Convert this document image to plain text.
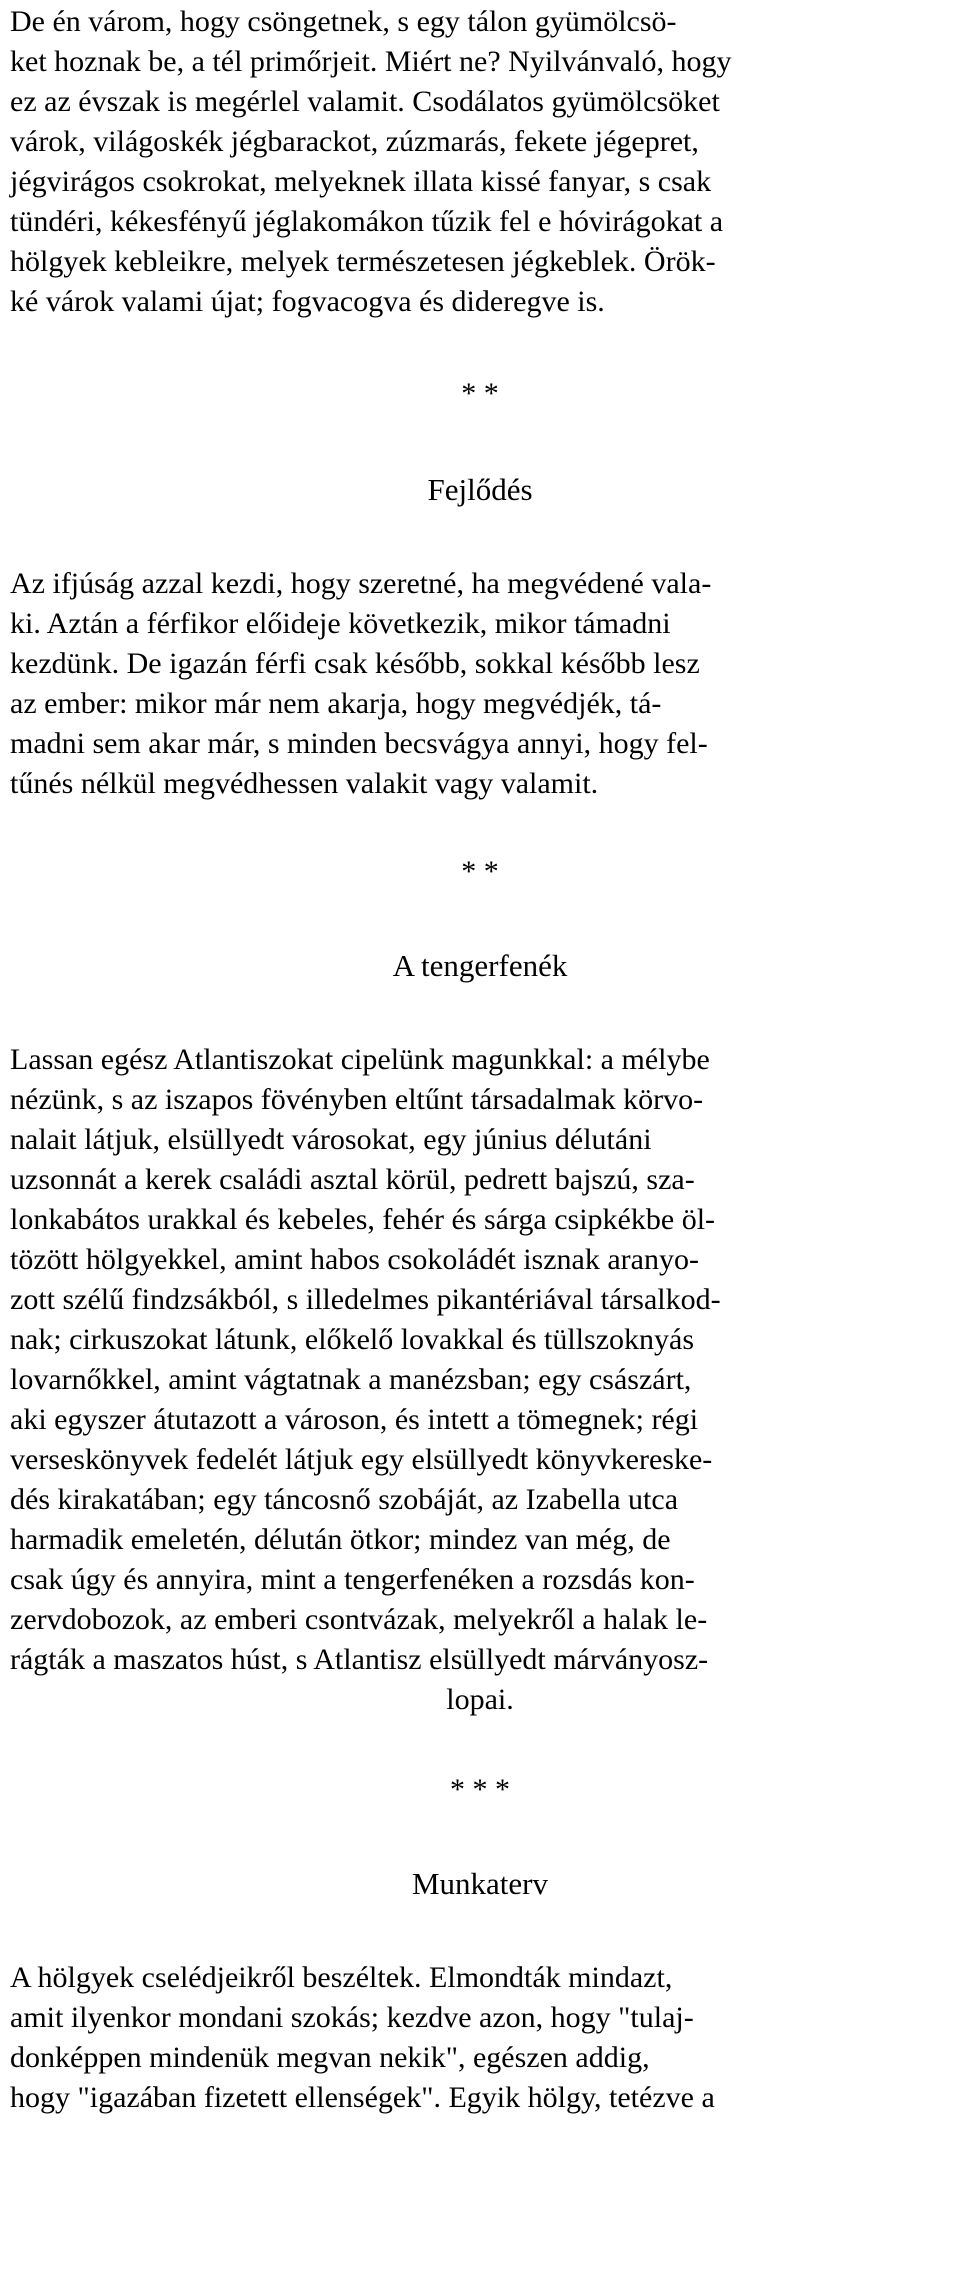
De én várom, hogy csöngetnek, s egy tálon gyümölcsö-

ket hoznak be, a tél primőrjeit. Miért ne? Nyilvánvaló, hogy

ez az évszak is megérlel valamit. Csodálatos gyümölcsöket

várok, világoskék jégbarackot, zúzmarás, fekete jégepret,

jégvirágos csokrokat, melyeknek illata kissé fanyar, s csak

tündéri, kékesfényű jéglakomákon tűzik fel e hóvirágokat a

hölgyek kebleikre, melyek természetesen jégkeblek. Örök-

ké várok valami újat; fogvacogva és dideregve is.

* *
Fejlődés

Az ifjúság azzal kezdi, hogy szeretné, ha megvédené vala-

ki. Aztán a férfikor előideje következik, mikor támadni

kezdünk. De igazán férfi csak később, sokkal később lesz

az ember: mikor már nem akarja, hogy megvédjék, tá-

madni sem akar már, s minden becsvágya annyi, hogy fel-

tűnés nélkül megvédhessen valakit vagy valamit.

* *
A tengerfenék

Lassan egész Atlantiszokat cipelünk magunkkal: a mélybe

nézünk, s az iszapos fövényben eltűnt társadalmak körvo-

nalait látjuk, elsüllyedt városokat, egy június délutáni

uzsonnát a kerek családi asztal körül, pedrett bajszú, sza-

lonkabátos urakkal és kebeles, fehér és sárga csipkékbe öl-

tözött hölgyekkel, amint habos csokoládét isznak aranyo-

zott szélű findzsákból, s illedelmes pikantériával társalkod-

nak; cirkuszokat látunk, előkelő lovakkal és tüllszoknyás

lovarnőkkel, amint vágtatnak a manézsban; egy császárt,

aki egyszer átutazott a városon, és intett a tömegnek; régi

verseskönyvek fedelét látjuk egy elsüllyedt könyvkereske-

dés kirakatában; egy táncosnő szobáját, az Izabella utca

harmadik emeletén, délután ötkor; mindez van még, de

csak úgy és annyira, mint a tengerfenéken a rozsdás kon-

zervdobozok, az emberi csontvázak, melyekről a halak le-

rágták a maszatos húst, s Atlantisz elsüllyedt márványosz-

lopai.

* * *
Munkaterv

A hölgyek cselédjeikről beszéltek. Elmondták mindazt,

amit ilyenkor mondani szokás; kezdve azon, hogy "tulaj-

donképpen mindenük megvan nekik", egészen addig,

hogy "igazában fizetett ellenségek". Egyik hölgy, tetézve a
